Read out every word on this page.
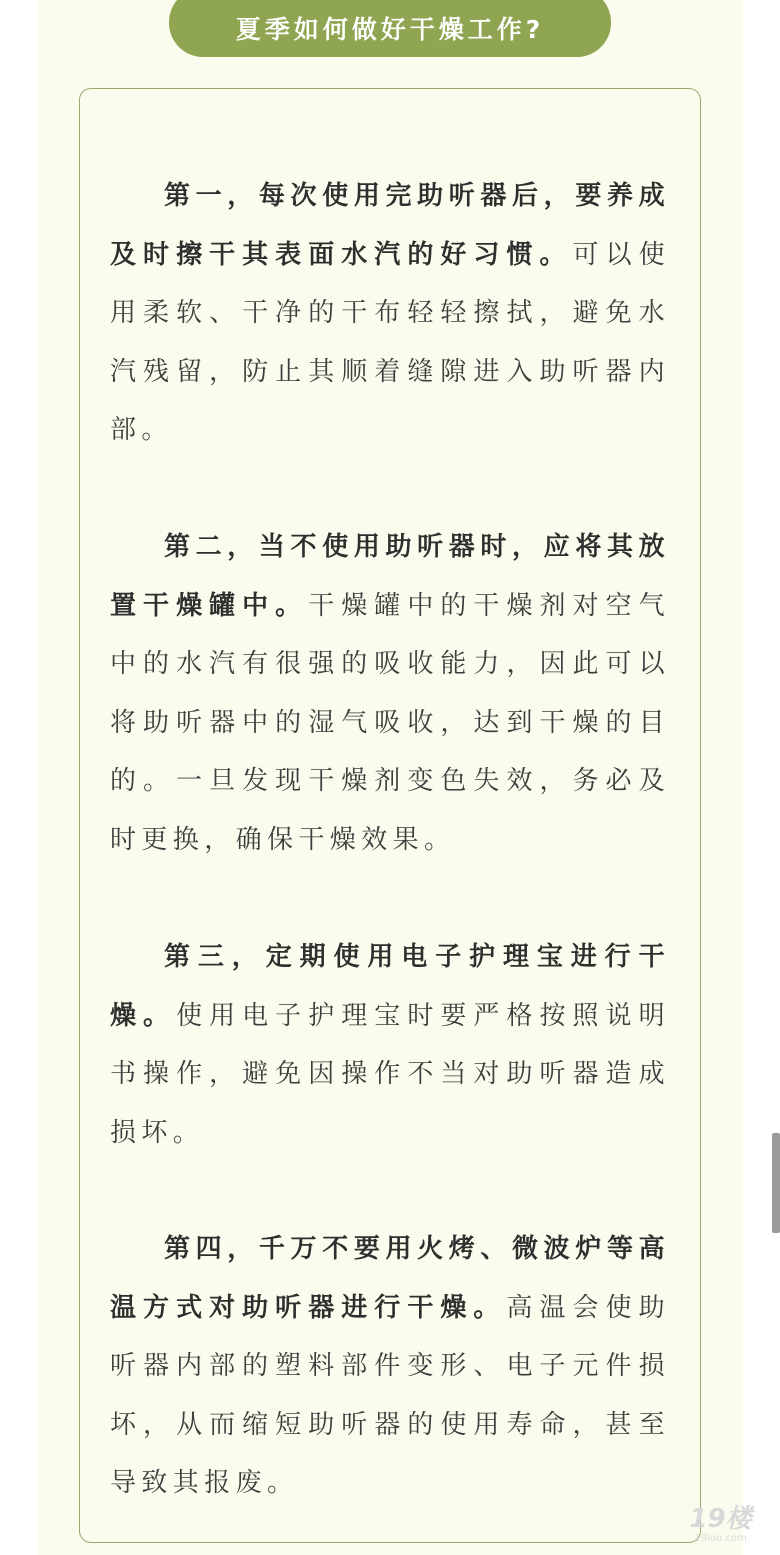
夏季如何做好干燥工作?

第一，每次使用完助听器后，要养成及时擦干其表面水汽的好习惯。可以使用柔软、干净的干布轻轻擦拭，避免水汽残留，防止其顺着缝隙进入助听器内部。

第二，当不使用助听器时，应将其放置干燥罐中。干燥罐中的干燥剂对空气中的水汽有很强的吸收能力，因此可以将助听器中的湿气吸收，达到干燥的目的。一旦发现干燥剂变色失效，务必及时更换，确保干燥效果。

第三，定期使用电子护理宝进行干燥。使用电子护理宝时要严格按照说明书操作，避免因操作不当对助听器造成损坏。

第四，千万不要用火烤、微波炉等高温方式对助听器进行干燥。高温会使助听器内部的塑料部件变形、电子元件损坏，从而缩短助听器的使用寿命，甚至导致其报废。

19楼
19lou.com
